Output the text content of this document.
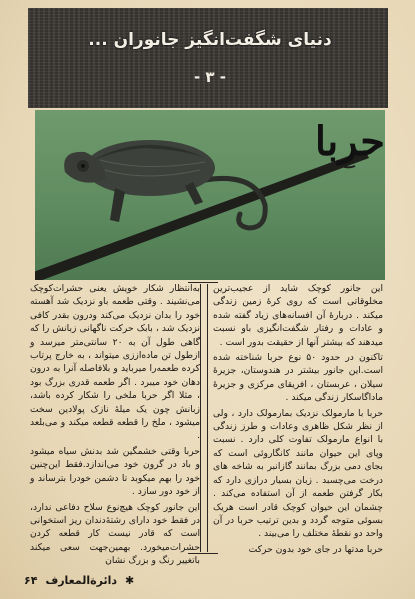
دنیای شگفت‌انگیز جانوران ...
- ۳ -
حربا

این جانور کوچک شاید از عجیب‌ترین مخلوقاتی است که روی کرهٔ زمین زندگی میکند . دربارهٔ آن افسانه‌های زیاد گفته شده و عادات و رفتار شگفت‌انگیزی باو نسبت میدهند که بیشتر آنها از حقیقت بدور است .

تاکنون در حدود ۵۰ نوع حربا شناخته شده است.این جانور بیشتر در هندوستان، جزیرهٔ سیلان ، عربستان ، افریقای مرکزی و جزیرهٔ ماداگاسکار زندگی میکند .

حربا با مارمولک نزدیک بمارمولک دارد ، ولی از نظر شکل ظاهری وعادات و طرز زندگی با انواع مارمولک تفاوت کلی دارد . نسبت وپای این حیوان مانند کانگاروئی است که بجای دمی بزرگ بمانند گازانبر به شاخه های درخت می‌چسبد . زبان بسیار درازی دارد که بکار گرفتن طعمه از آن استفاده می‌کند . چشمان این حیوان کوچک قادر است هریک بسوئی متوجه گردد و بدین ترتیب حربا در آن واحد دو نقطهٔ مختلف را می‌بیند .

حربا مدتها در جای خود بدون حرکت

به‌انتظار شکار خویش یعنی حشرات‌کوچک می‌نشیند . وقتی طعمه باو نزدیک شد آهسته خود را بدان نزدیک می‌کند ودرون بقدر کافی نزدیک شد ، بابک حرکت ناگهانی زبانش را که گاهی طول آن به ۲۰ سانتی‌متر میرسد و ازطول تن ماده‌اززی میتواند ، به خارج پرتاب کرده طعمه‌را میرباید و بلافاصله آنرا به درون دهان خود میبرد . اگر طعمه قدری بزرگ بود ، مثلا اگر حربا ملخی را شکار کرده باشد، زبانش چون یک میلهٔ نازک پولادین سخت میشود ، ملخ را قطعه قطعه میکند و می‌بلعد .

حربا وقتی خشمگین شد بدنش سیاه میشود و باد در گرون خود می‌اندازد.فقط این‌چنین خود را بهم میکوبد تا دشمن خودرا بترساند و از خود دور سازد .

این جانور کوچک هیچ‌نوع سلاح دفاعی ندارد، در فقط خود دارای رشتهٔ‌دندان ریز استخوانی است که قادر نیست کار قطعه کردن حشرات‌میخورد. بهمین‌جهت سعی میکند باتغییر رنگ و بزرگ نشان

۶۴ دائرةالمعارف ✱
